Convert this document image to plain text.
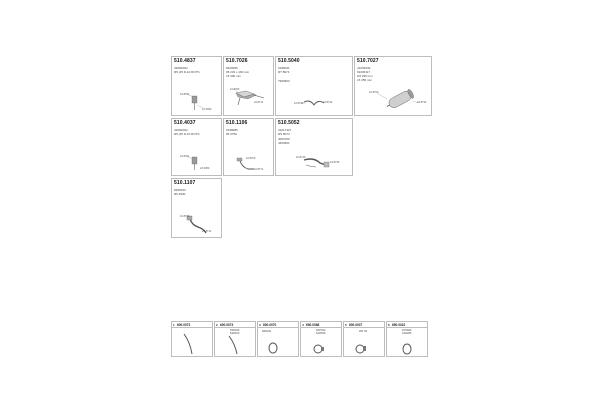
510.4837
4209D041
R5 (45 D-10 ROTS
10.8701
22.3050
510.7026
8160056
05 233 x 160 mm
L5 300 mm
10.8700
22.8711
510.5040
6180041
RT 8974
7960503
10.8740	22.8734
510.7027
41039330
61036117
G5 236 mm
L5 355 mm
10.8700
22.8732
510.4037
4209D041
R5 (45 D-10 ROTS
10.8701
22.3050
510.1106
0168085
05 0750
10.8700
22.8771
510.5052
41017427
RS 8074
4003760
4453501
10.8740
22.8735
510.1107
8180033
R5 4500
10.8700
22.8711
1 600.0072	2 600.0073
8160016
8160013
3 600.0070
8203041
4 650.0088
2207910
4220518
5 600.0037
283 711
6 650.0022
4570029
4100236
